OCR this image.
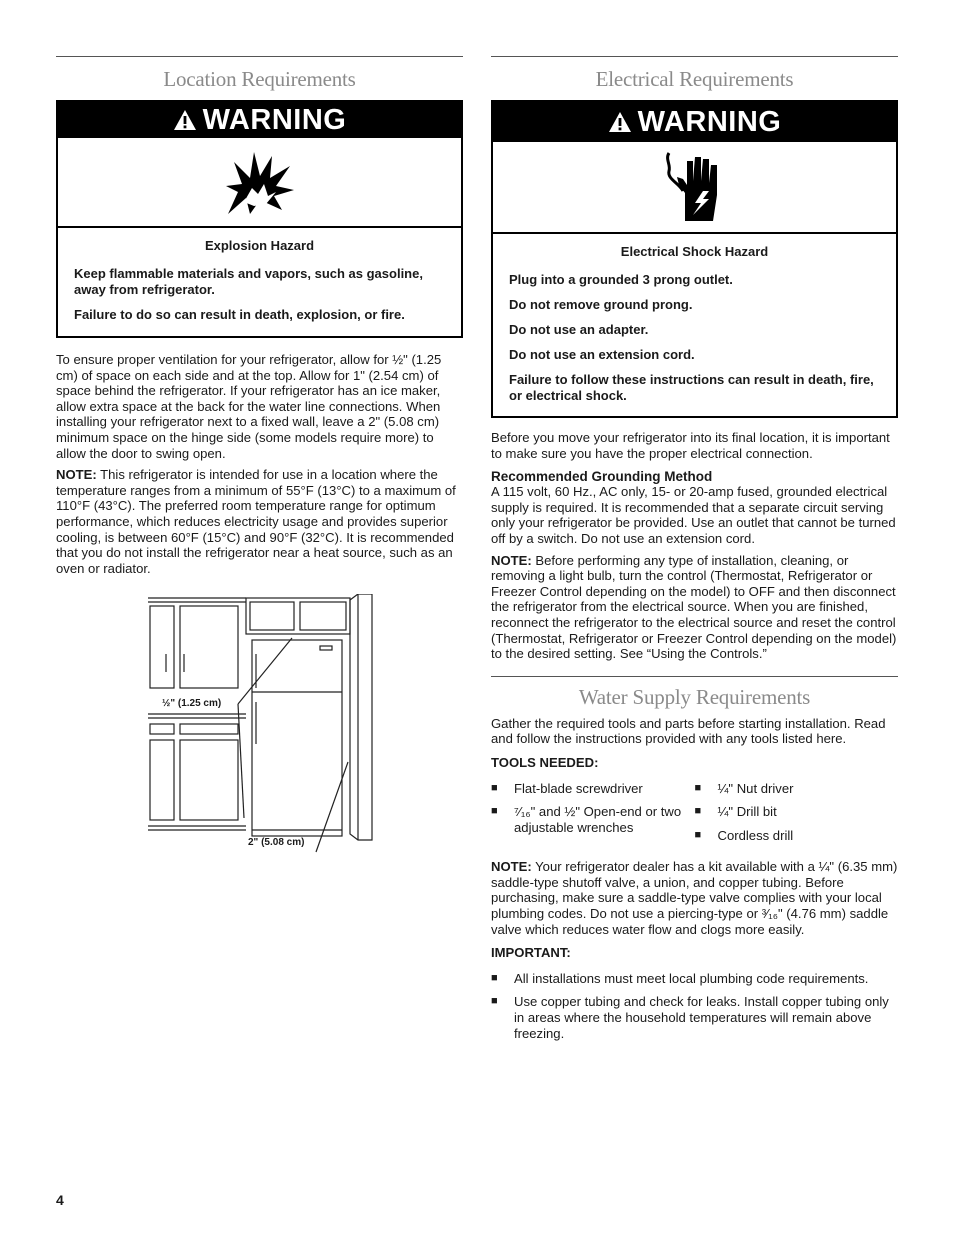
Location Requirements
WARNING

Explosion Hazard

Keep flammable materials and vapors, such as gasoline, away from refrigerator.

Failure to do so can result in death, explosion, or fire.

To ensure proper ventilation for your refrigerator, allow for ½" (1.25 cm) of space on each side and at the top. Allow for 1" (2.54 cm) of space behind the refrigerator. If your refrigerator has an ice maker, allow extra space at the back for the water line connections. When installing your refrigerator next to a fixed wall, leave a 2" (5.08 cm) minimum space on the hinge side (some models require more) to allow the door to swing open.

NOTE: This refrigerator is intended for use in a location where the temperature ranges from a minimum of 55°F (13°C) to a maximum of 110°F (43°C). The preferred room temperature range for optimum performance, which reduces electricity usage and provides superior cooling, is between 60°F (15°C) and 90°F (32°C). It is recommended that you do not install the refrigerator near a heat source, such as an oven or radiator.

½" (1.25 cm)
2" (5.08 cm)
Electrical Requirements
WARNING

Electrical Shock Hazard

Plug into a grounded 3 prong outlet.

Do not remove ground prong.

Do not use an adapter.

Do not use an extension cord.

Failure to follow these instructions can result in death, fire, or electrical shock.

Before you move your refrigerator into its final location, it is important to make sure you have the proper electrical connection.

Recommended Grounding Method

A 115 volt, 60 Hz., AC only, 15- or 20-amp fused, grounded electrical supply is required. It is recommended that a separate circuit serving only your refrigerator be provided. Use an outlet that cannot be turned off by a switch. Do not use an extension cord.

NOTE: Before performing any type of installation, cleaning, or removing a light bulb, turn the control (Thermostat, Refrigerator or Freezer Control depending on the model) to OFF and then disconnect the refrigerator from the electrical source. When you are finished, reconnect the refrigerator to the electrical source and reset the control (Thermostat, Refrigerator or Freezer Control depending on the model) to the desired setting. See “Using the Controls.”

Water Supply Requirements

Gather the required tools and parts before starting installation. Read and follow the instructions provided with any tools listed here.

TOOLS NEEDED:

■	Flat-blade screwdriver
■	⁷⁄₁₆" and ½" Open-end or two adjustable wrenches
■	¼" Nut driver
■	¼" Drill bit
■	Cordless drill

NOTE: Your refrigerator dealer has a kit available with a ¼" (6.35 mm) saddle-type shutoff valve, a union, and copper tubing. Before purchasing, make sure a saddle-type valve complies with your local plumbing codes. Do not use a piercing-type or ³⁄₁₆" (4.76 mm) saddle valve which reduces water flow and clogs more easily.

IMPORTANT:

■	All installations must meet local plumbing code requirements.
■	Use copper tubing and check for leaks. Install copper tubing only in areas where the household temperatures will remain above freezing.
4
